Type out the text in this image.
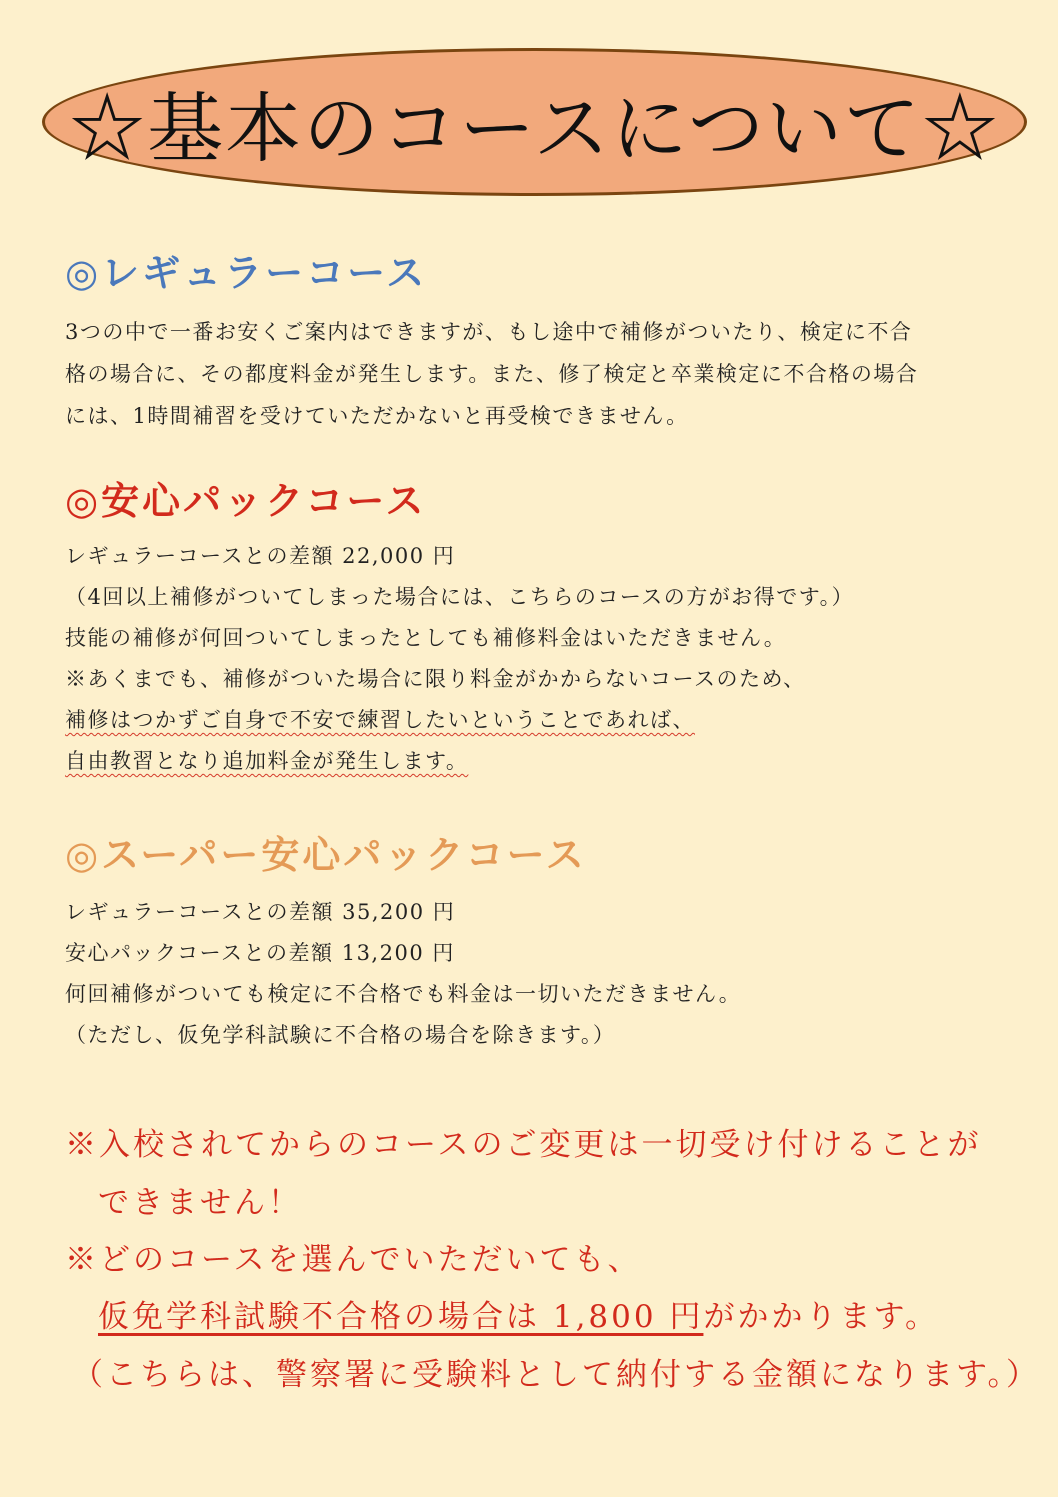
☆基本のコースについて☆
◎レギュラーコース

3つの中で一番お安くご案内はできますが、もし途中で補修がついたり、検定に不合

格の場合に、その都度料金が発生します。また、修了検定と卒業検定に不合格の場合

には、1時間補習を受けていただかないと再受検できません。

◎安心パックコース

レギュラーコースとの差額 22,000 円

（4回以上補修がついてしまった場合には、こちらのコースの方がお得です。）

技能の補修が何回ついてしまったとしても補修料金はいただきません。

※あくまでも、補修がついた場合に限り料金がかからないコースのため、

補修はつかずご自身で不安で練習したいということであれば、

自由教習となり追加料金が発生します。

◎スーパー安心パックコース

レギュラーコースとの差額 35,200 円

安心パックコースとの差額 13,200 円

何回補修がついても検定に不合格でも料金は一切いただきません。

（ただし、仮免学科試験に不合格の場合を除きます。）

※入校されてからのコースのご変更は一切受け付けることが
できません！
※どのコースを選んでいただいても、
仮免学科試験不合格の場合は 1,800 円がかかります。
（こちらは、警察署に受験料として納付する金額になります。）
